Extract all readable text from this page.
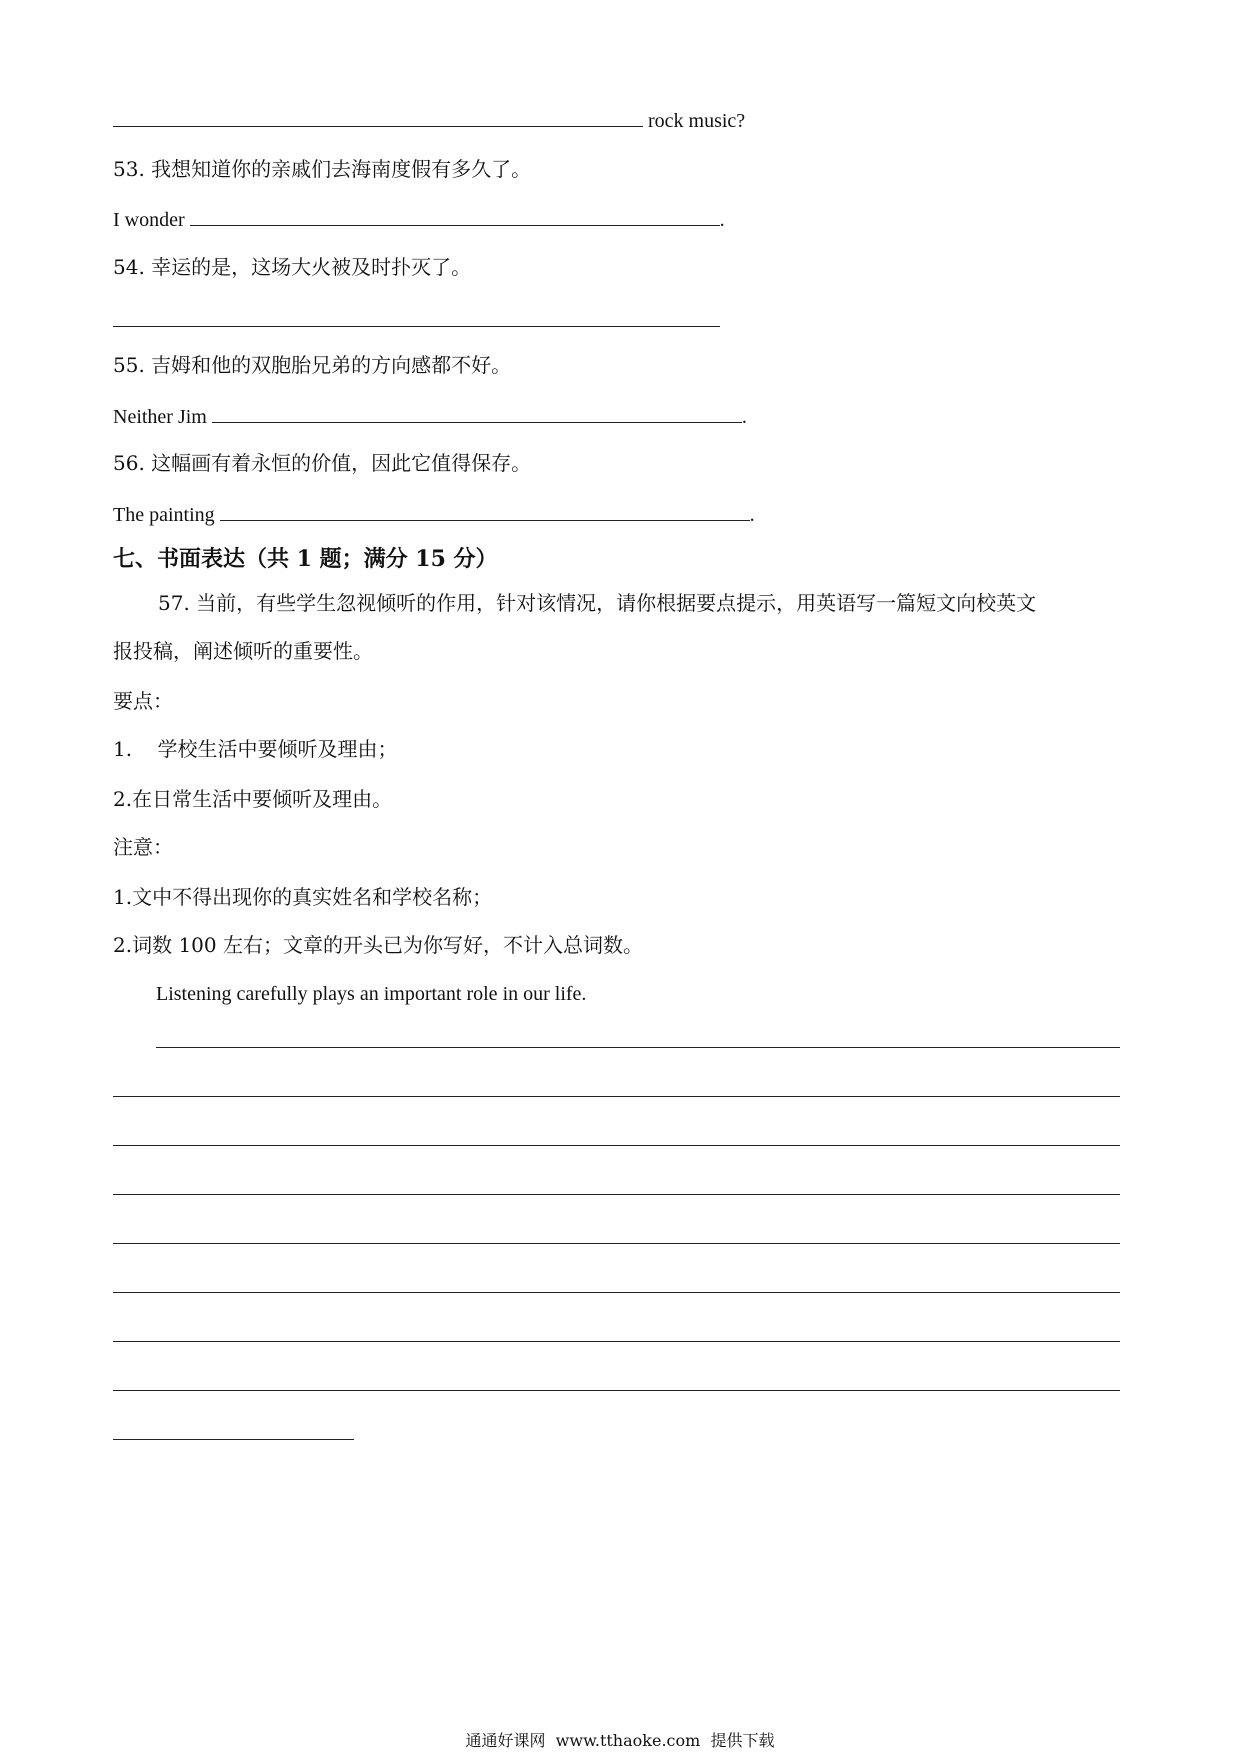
rock music?
53. 我想知道你的亲戚们去海南度假有多久了。
I wonder	.
54. 幸运的是，这场大火被及时扑灭了。
55. 吉姆和他的双胞胎兄弟的方向感都不好。
Neither Jim	.
56. 这幅画有着永恒的价值，因此它值得保存。
The painting	.
七、书面表达（共 1 题；满分 15 分）
57. 当前，有些学生忽视倾听的作用，针对该情况，请你根据要点提示，用英语写一篇短文向校英文
报投稿，阐述倾听的重要性。
要点：
1.    学校生活中要倾听及理由；
2.在日常生活中要倾听及理由。
注意：
1.文中不得出现你的真实姓名和学校名称；
2.词数 100 左右；文章的开头已为你写好，不计入总词数。
Listening carefully plays an important role in our life.
通通好课网  www.tthaoke.com  提供下载
